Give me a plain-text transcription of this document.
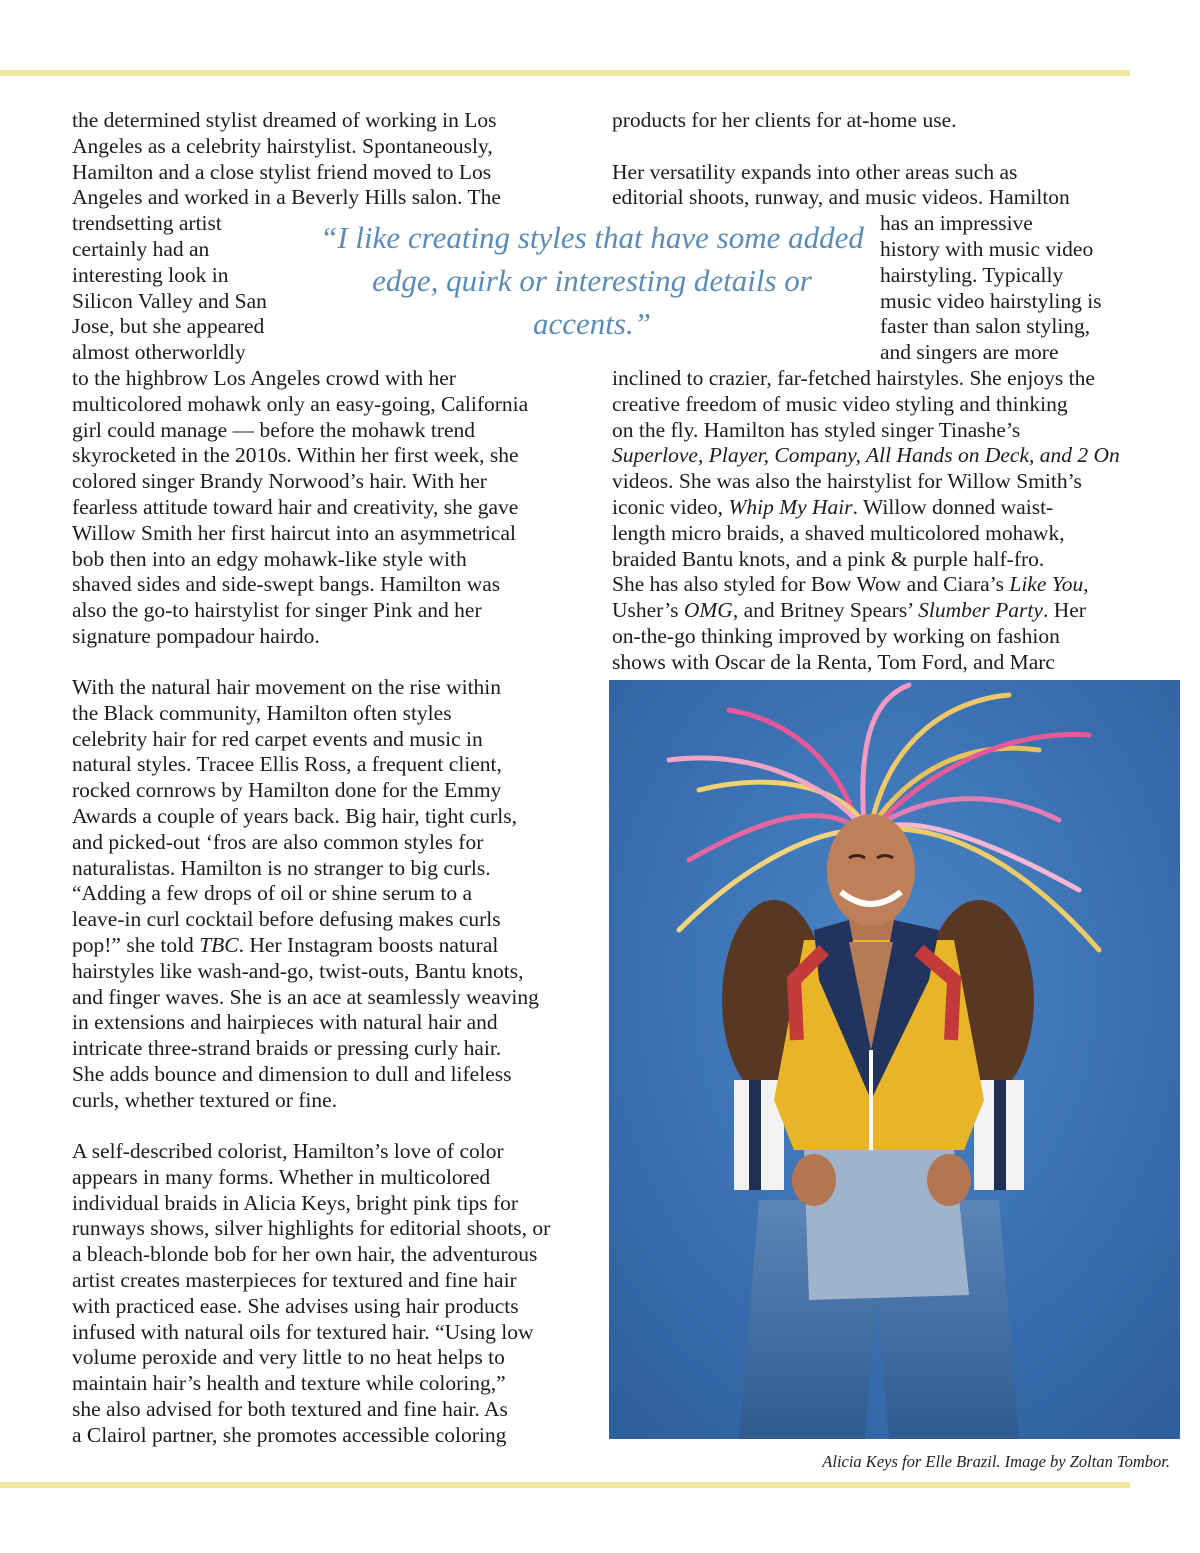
the determined stylist dreamed of working in Los

Angeles as a celebrity hairstylist. Spontaneously,

Hamilton and a close stylist friend moved to Los

Angeles and worked in a Beverly Hills salon. The

trendsetting artist

certainly had an

interesting look in

Silicon Valley and San

Jose, but she appeared

almost otherworldly

to the highbrow Los Angeles crowd with her

multicolored mohawk only an easy-going, California

girl could manage — before the mohawk trend

skyrocketed in the 2010s. Within her first week, she

colored singer Brandy Norwood’s hair. With her

fearless attitude toward hair and creativity, she gave

Willow Smith her first haircut into an asymmetrical

bob then into an edgy mohawk-like style with

shaved sides and side-swept bangs. Hamilton was

also the go-to hairstylist for singer Pink and her

signature pompadour hairdo.

With the natural hair movement on the rise within

the Black community, Hamilton often styles

celebrity hair for red carpet events and music in

natural styles. Tracee Ellis Ross, a frequent client,

rocked cornrows by Hamilton done for the Emmy

Awards a couple of years back. Big hair, tight curls,

and picked-out ‘fros are also common styles for

naturalistas. Hamilton is no stranger to big curls.

“Adding a few drops of oil or shine serum to a

leave-in curl cocktail before defusing makes curls

pop!” she told TBC. Her Instagram boosts natural

hairstyles like wash-and-go, twist-outs, Bantu knots,

and finger waves. She is an ace at seamlessly weaving

in extensions and hairpieces with natural hair and

intricate three-strand braids or pressing curly hair.

She adds bounce and dimension to dull and lifeless

curls, whether textured or fine.

A self-described colorist, Hamilton’s love of color

appears in many forms. Whether in multicolored

individual braids in Alicia Keys, bright pink tips for

runways shows, silver highlights for editorial shoots, or

a bleach-blonde bob for her own hair, the adventurous

artist creates masterpieces for textured and fine hair

with practiced ease. She advises using hair products

infused with natural oils for textured hair. “Using low

volume peroxide and very little to no heat helps to

maintain hair’s health and texture while coloring,”

she also advised for both textured and fine hair. As

a Clairol partner, she promotes accessible coloring

“I like creating styles that have some added edge, quirk or interesting details or accents.”

products for her clients for at-home use.

Her versatility expands into other areas such as

editorial shoots, runway, and music videos. Hamilton

has an impressive

history with music video

hairstyling. Typically

music video hairstyling is

faster than salon styling,

and singers are more

inclined to crazier, far-fetched hairstyles. She enjoys the

creative freedom of music video styling and thinking

on the fly. Hamilton has styled singer Tinashe’s

Superlove, Player, Company, All Hands on Deck, and 2 On

videos. She was also the hairstylist for Willow Smith’s

iconic video, Whip My Hair. Willow donned waist-

length micro braids, a shaved multicolored mohawk,

braided Bantu knots, and a pink & purple half-fro.

She has also styled for Bow Wow and Ciara’s Like You,

Usher’s OMG, and Britney Spears’ Slumber Party. Her

on-the-go thinking improved by working on fashion

shows with Oscar de la Renta, Tom Ford, and Marc

Alicia Keys for Elle Brazil. Image by Zoltan Tombor.
